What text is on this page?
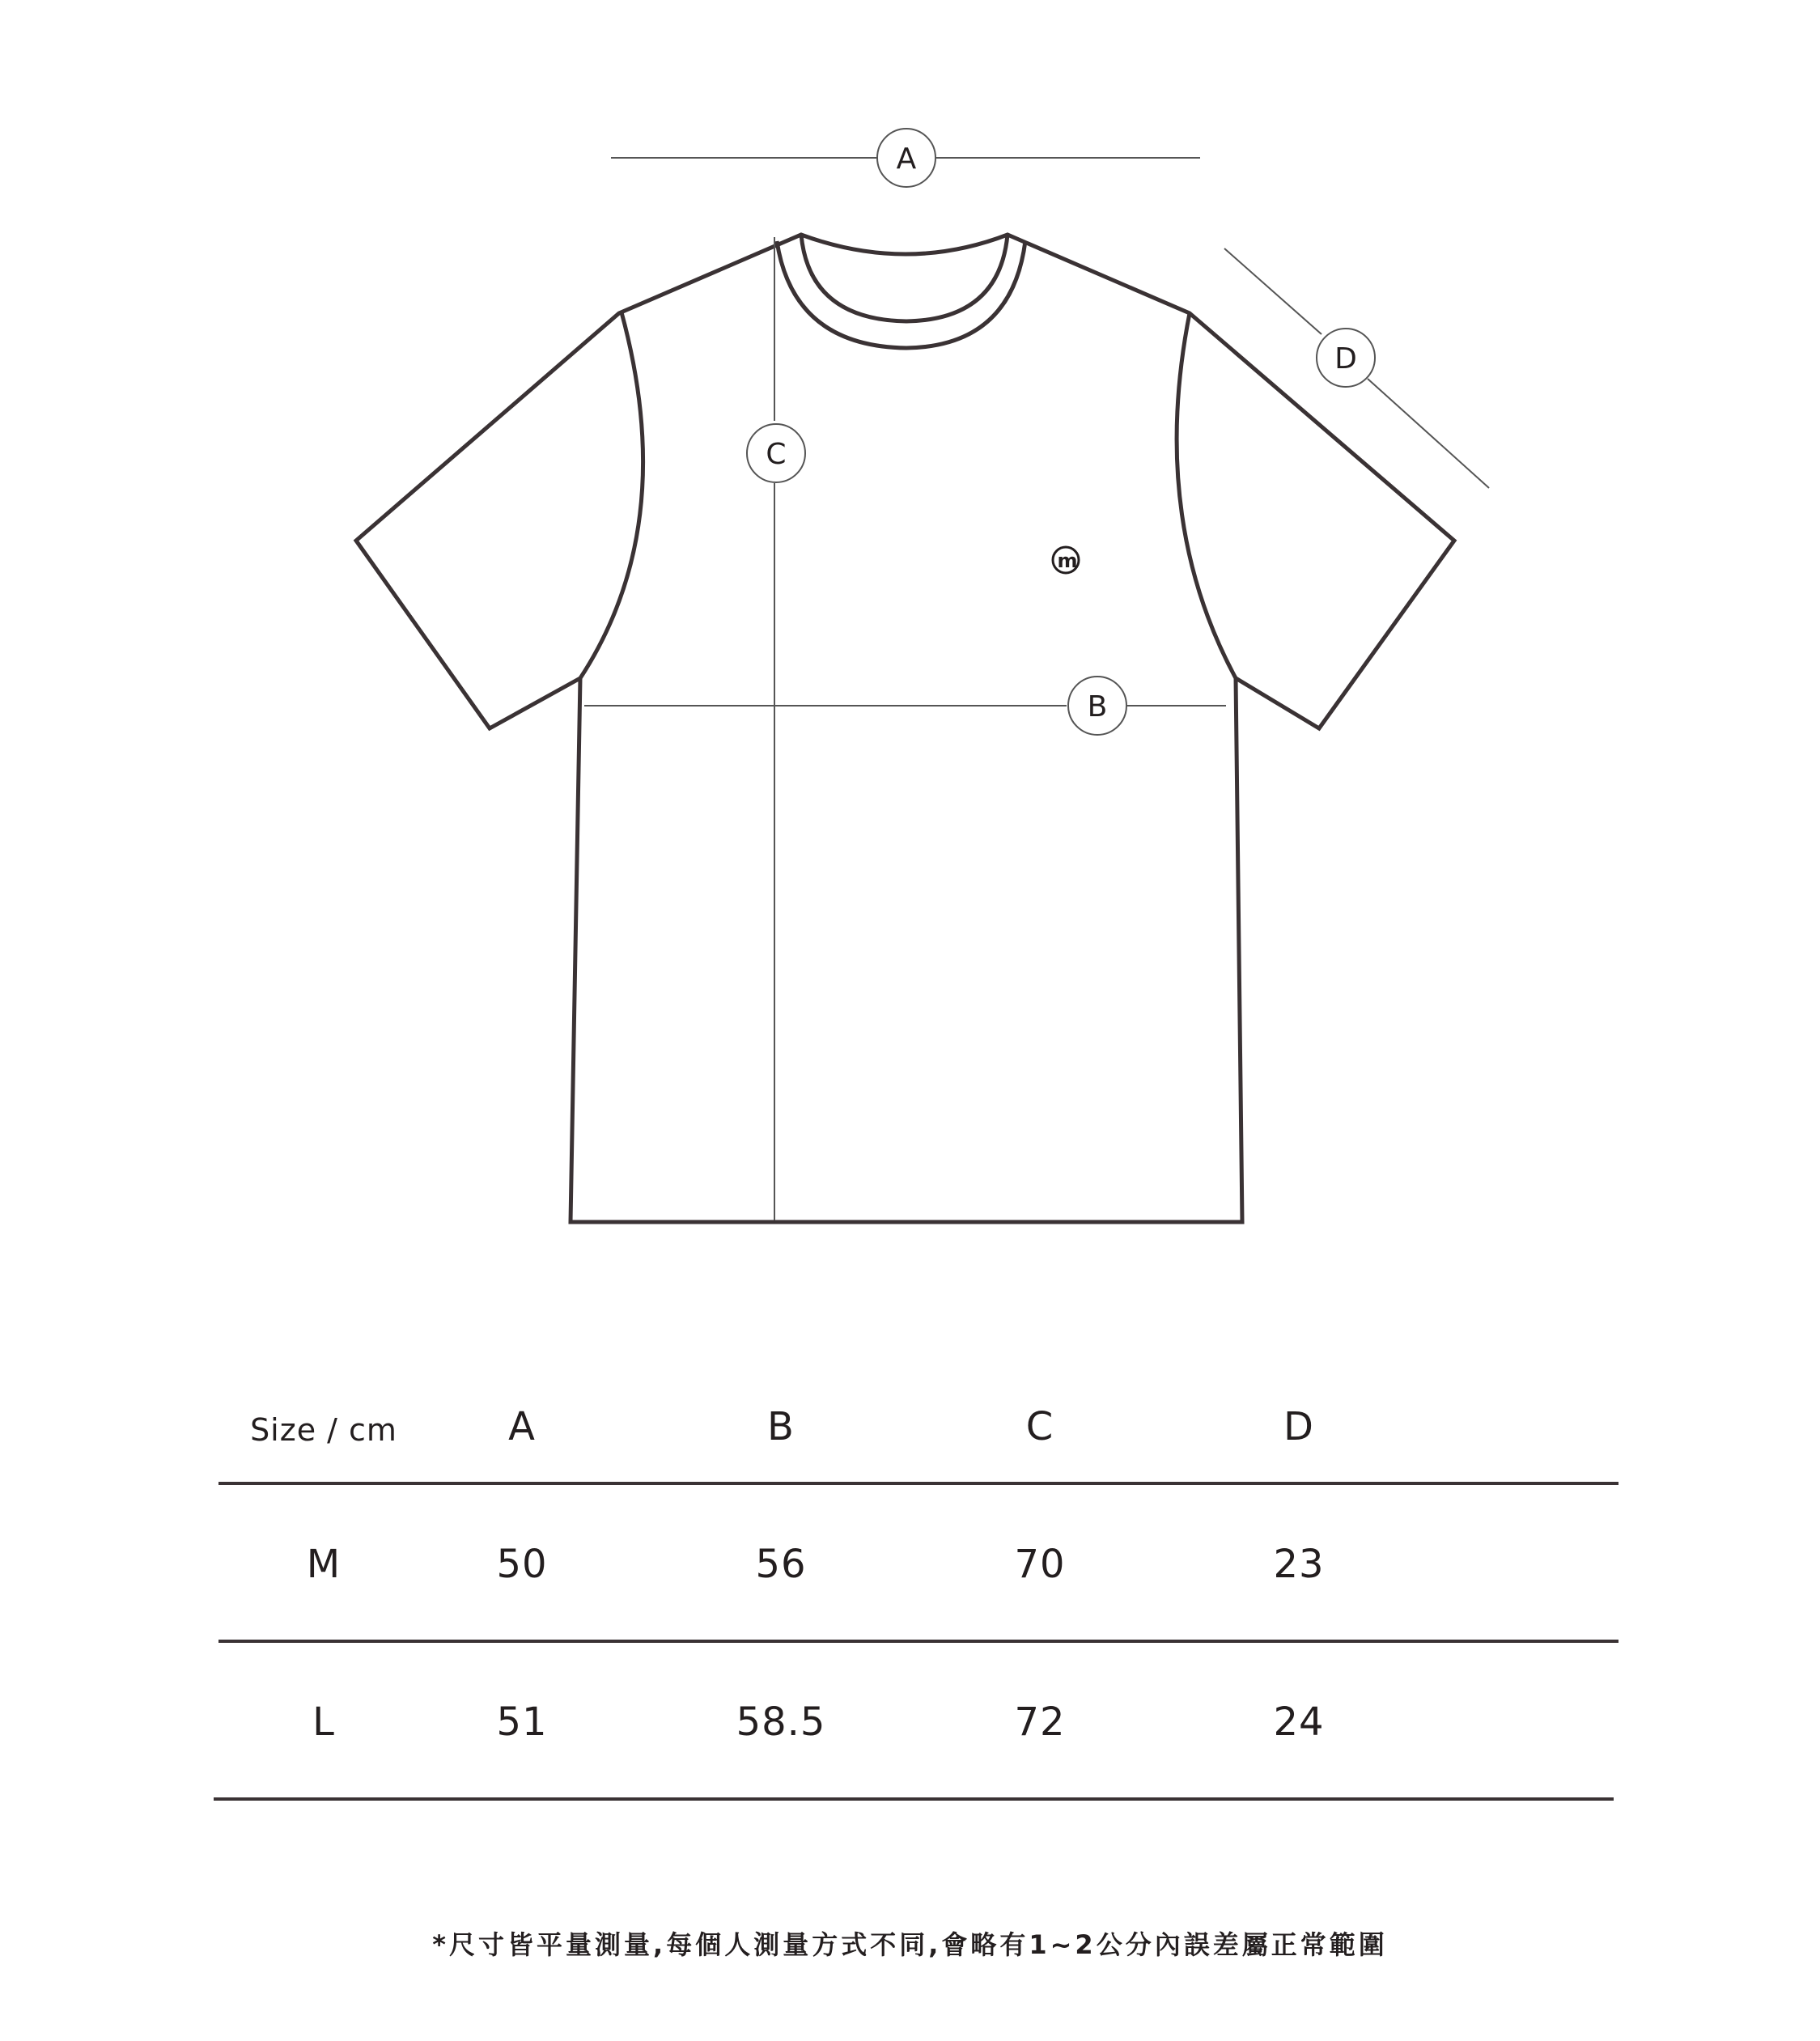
A
B
C
D
m
Size / cm	A	B	C	D
M	50	56	70	23
L	51	58.5	72	24
*尺寸皆平量測量,每個人測量方式不同,會略有1~2公分內誤差屬正常範圍
